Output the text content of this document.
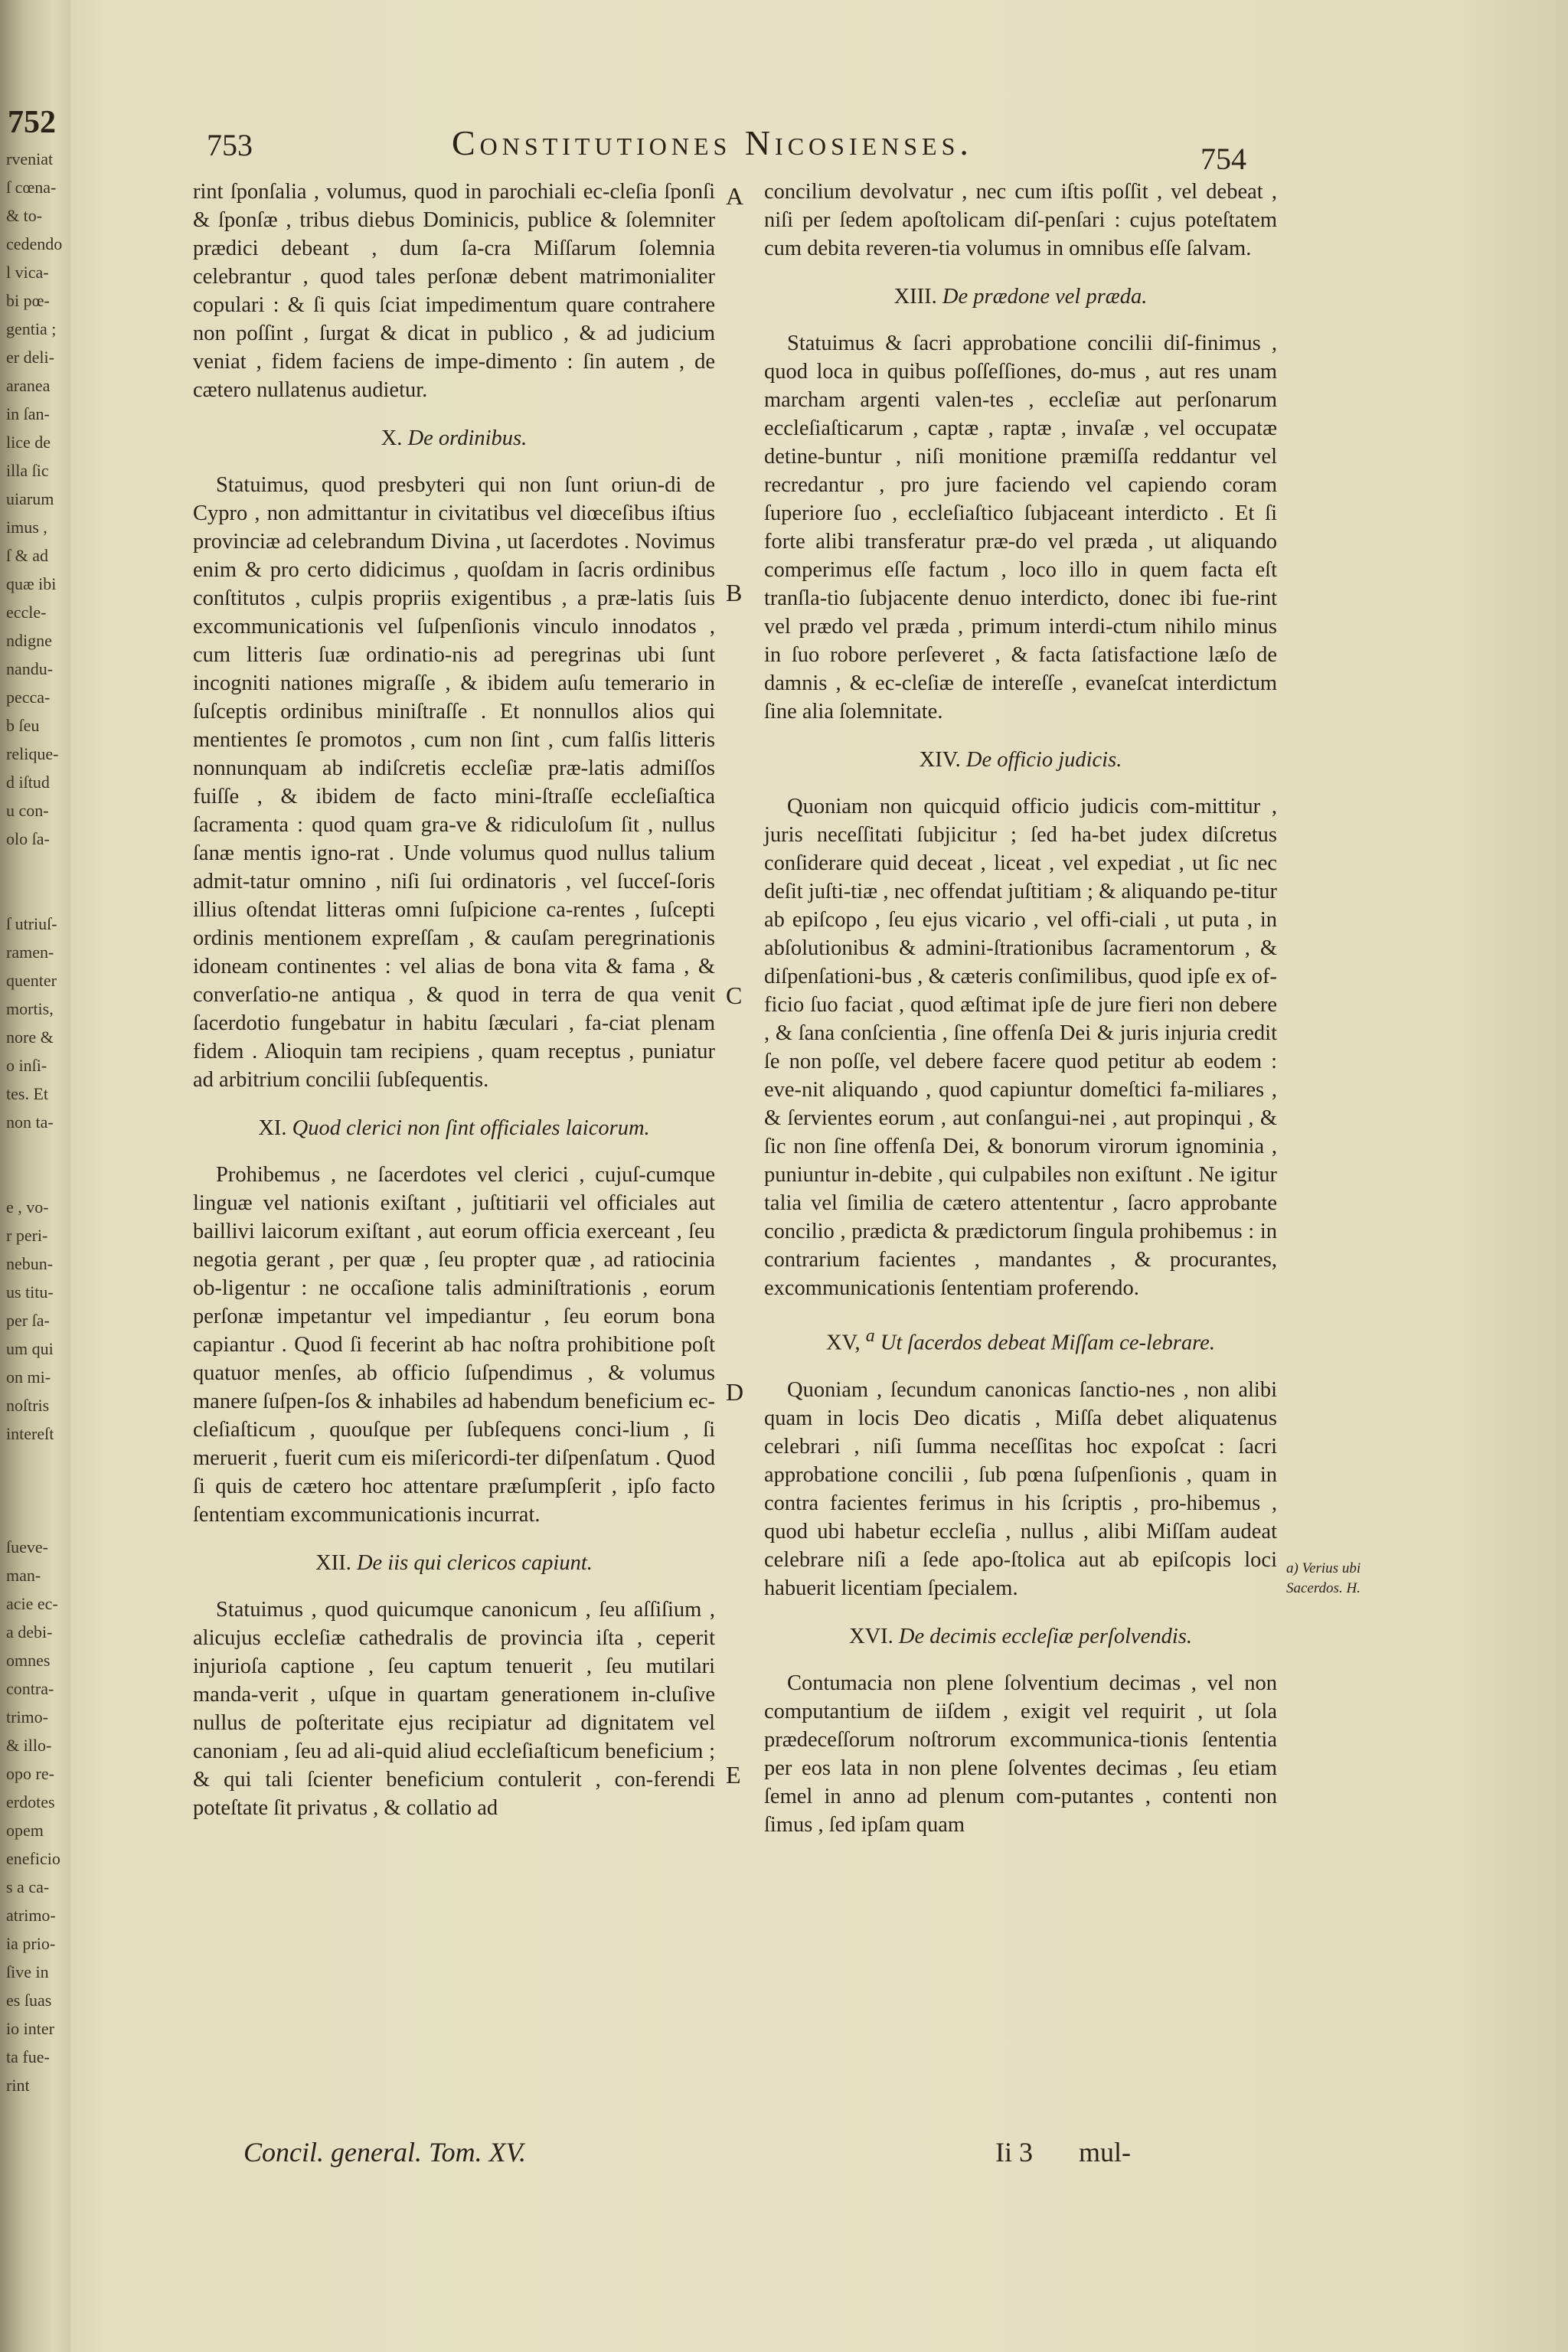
752
rveniat
ſ cœna-
& to-
cedendo
l vica-
bi pœ-
gentia ;
er deli-
aranea
in ſan-
lice de
illa ſic
uiarum
imus ,
ſ & ad
quæ ibi
eccle-
ndigne
nandu-
pecca-
b ſeu
relique-
d iſtud
u con-
olo ſa-
ſ utriuſ-
ramen-
quenter
mortis,
nore &
o inſi-
tes. Et
non ta-
e , vo-
r peri-
nebun-
us titu-
per ſa-
um qui
on mi-
noſtris
intereſt
ſueve-
man-
acie ec-
a debi-
omnes
contra-
trimo-
& illo-
opo re-
erdotes
opem
eneficio
s a ca-
atrimo-
ia prio-
ſive in
es ſuas
io inter
ta fue-
rint
753	Constitutiones Nicosienses.	754

rint ſponſalia , volumus, quod in parochiali ec-cleſia ſponſi & ſponſæ , tribus diebus Dominicis, publice & ſolemniter prædici debeant , dum ſa-cra Miſſarum ſolemnia celebrantur , quod tales perſonæ debent matrimonialiter copulari : & ſi quis ſciat impedimentum quare contrahere non poſſint , ſurgat & dicat in publico , & ad judicium veniat , fidem faciens de impe-dimento : ſin autem , de cætero nullatenus audietur.

X. De ordinibus.

Statuimus, quod presbyteri qui non ſunt oriun-di de Cypro , non admittantur in civitatibus vel diœceſibus iſtius provinciæ ad celebrandum Divina , ut ſacerdotes . Novimus enim & pro certo didicimus , quoſdam in ſacris ordinibus conſtitutos , culpis propriis exigentibus , a præ-latis ſuis excommunicationis vel ſuſpenſionis vinculo innodatos , cum litteris ſuæ ordinatio-nis ad peregrinas ubi ſunt incogniti nationes migraſſe , & ibidem auſu temerario in ſuſceptis ordinibus miniſtraſſe . Et nonnullos alios qui mentientes ſe promotos , cum non ſint , cum falſis litteris nonnunquam ab indiſcretis eccleſiæ præ-latis admiſſos fuiſſe , & ibidem de facto mini-ſtraſſe eccleſiaſtica ſacramenta : quod quam gra-ve & ridiculoſum ſit , nullus ſanæ mentis igno-rat . Unde volumus quod nullus talium admit-tatur omnino , niſi ſui ordinatoris , vel ſucceſ-ſoris illius oſtendat litteras omni ſuſpicione ca-rentes , ſuſcepti ordinis mentionem expreſſam , & cauſam peregrinationis idoneam continentes : vel alias de bona vita & fama , & converſatio-ne antiqua , & quod in terra de qua venit ſacerdotio fungebatur in habitu ſæculari , fa-ciat plenam fidem . Alioquin tam recipiens , quam receptus , puniatur ad arbitrium concilii ſubſequentis.

XI. Quod clerici non ſint officiales laicorum.

Prohibemus , ne ſacerdotes vel clerici , cujuſ-cumque linguæ vel nationis exiſtant , juſtitiarii vel officiales aut baillivi laicorum exiſtant , aut eorum officia exerceant , ſeu negotia gerant , per quæ , ſeu propter quæ , ad ratiocinia ob-ligentur : ne occaſione talis adminiſtrationis , eorum perſonæ impetantur vel impediantur , ſeu eorum bona capiantur . Quod ſi fecerint ab hac noſtra prohibitione poſt quatuor menſes, ab officio ſuſpendimus , & volumus manere ſuſpen-ſos & inhabiles ad habendum beneficium ec-cleſiaſticum , quouſque per ſubſequens conci-lium , ſi meruerit , fuerit cum eis miſericordi-ter diſpenſatum . Quod ſi quis de cætero hoc attentare præſumpſerit , ipſo facto ſententiam excommunicationis incurrat.

XII. De iis qui clericos capiunt.

Statuimus , quod quicumque canonicum , ſeu aſſiſium , alicujus eccleſiæ cathedralis de provincia iſta , ceperit injurioſa captione , ſeu captum tenuerit , ſeu mutilari manda-verit , uſque in quartam generationem in-cluſive nullus de poſteritate ejus recipiatur ad dignitatem vel canoniam , ſeu ad ali-quid aliud eccleſiaſticum beneficium ; & qui tali ſcienter beneficium contulerit , con-ferendi poteſtate ſit privatus , & collatio ad

A
B
C
D
E

concilium devolvatur , nec cum iſtis poſſit , vel debeat , niſi per ſedem apoſtolicam diſ-penſari : cujus poteſtatem cum debita reveren-tia volumus in omnibus eſſe ſalvam.

XIII. De prædone vel præda.

Statuimus & ſacri approbatione concilii diſ-finimus , quod loca in quibus poſſeſſiones, do-mus , aut res unam marcham argenti valen-tes , eccleſiæ aut perſonarum eccleſiaſticarum , captæ , raptæ , invaſæ , vel occupatæ detine-buntur , niſi monitione præmiſſa reddantur vel recredantur , pro jure faciendo vel capiendo coram ſuperiore ſuo , eccleſiaſtico ſubjaceant interdicto . Et ſi forte alibi transferatur præ-do vel præda , ut aliquando comperimus eſſe factum , loco illo in quem facta eſt tranſla-tio ſubjacente denuo interdicto, donec ibi fue-rint vel prædo vel præda , primum interdi-ctum nihilo minus in ſuo robore perſeveret , & facta ſatisfactione læſo de damnis , & ec-cleſiæ de intereſſe , evaneſcat interdictum ſine alia ſolemnitate.

XIV. De officio judicis.

Quoniam non quicquid officio judicis com-mittitur , juris neceſſitati ſubjicitur ; ſed ha-bet judex diſcretus conſiderare quid deceat , liceat , vel expediat , ut ſic nec deſit juſti-tiæ , nec offendat juſtitiam ; & aliquando pe-titur ab epiſcopo , ſeu ejus vicario , vel offi-ciali , ut puta , in abſolutionibus & admini-ſtrationibus ſacramentorum , & diſpenſationi-bus , & cæteris conſimilibus, quod ipſe ex of-ficio ſuo faciat , quod æſtimat ipſe de jure fieri non debere , & ſana conſcientia , ſine offenſa Dei & juris injuria credit ſe non poſſe, vel debere facere quod petitur ab eodem : eve-nit aliquando , quod capiuntur domeſtici fa-miliares , & ſervientes eorum , aut conſangui-nei , aut propinqui , & ſic non ſine offenſa Dei, & bonorum virorum ignominia , puniuntur in-debite , qui culpabiles non exiſtunt . Ne igitur talia vel ſimilia de cætero attententur , ſacro approbante concilio , prædicta & prædictorum ſingula prohibemus : in contrarium facientes , mandantes , & procurantes, excommunicationis ſententiam proferendo.

XV, $^a$ Ut ſacerdos debeat Miſſam ce-lebrare.

Quoniam , ſecundum canonicas ſanctio-nes , non alibi quam in locis Deo dicatis , Miſſa debet aliquatenus celebrari , niſi ſumma neceſſitas hoc expoſcat : ſacri approbatione concilii , ſub pœna ſuſpenſionis , quam in contra facientes ferimus in his ſcriptis , pro-hibemus , quod ubi habetur eccleſia , nullus , alibi Miſſam audeat celebrare niſi a ſede apo-ſtolica aut ab epiſcopis loci habuerit licentiam ſpecialem.

XVI. De decimis eccleſiæ perſolvendis.

Contumacia non plene ſolventium decimas , vel non computantium de iiſdem , exigit vel requirit , ut ſola prædeceſſorum noſtrorum excommunica-tionis ſententia per eos lata in non plene ſolventes decimas , ſeu etiam ſemel in anno ad plenum com-putantes , contenti non ſimus , ſed ipſam quam

a) Verius ubi Sacerdos. H.
Concil. general. Tom. XV.	Ii 3 mul-
